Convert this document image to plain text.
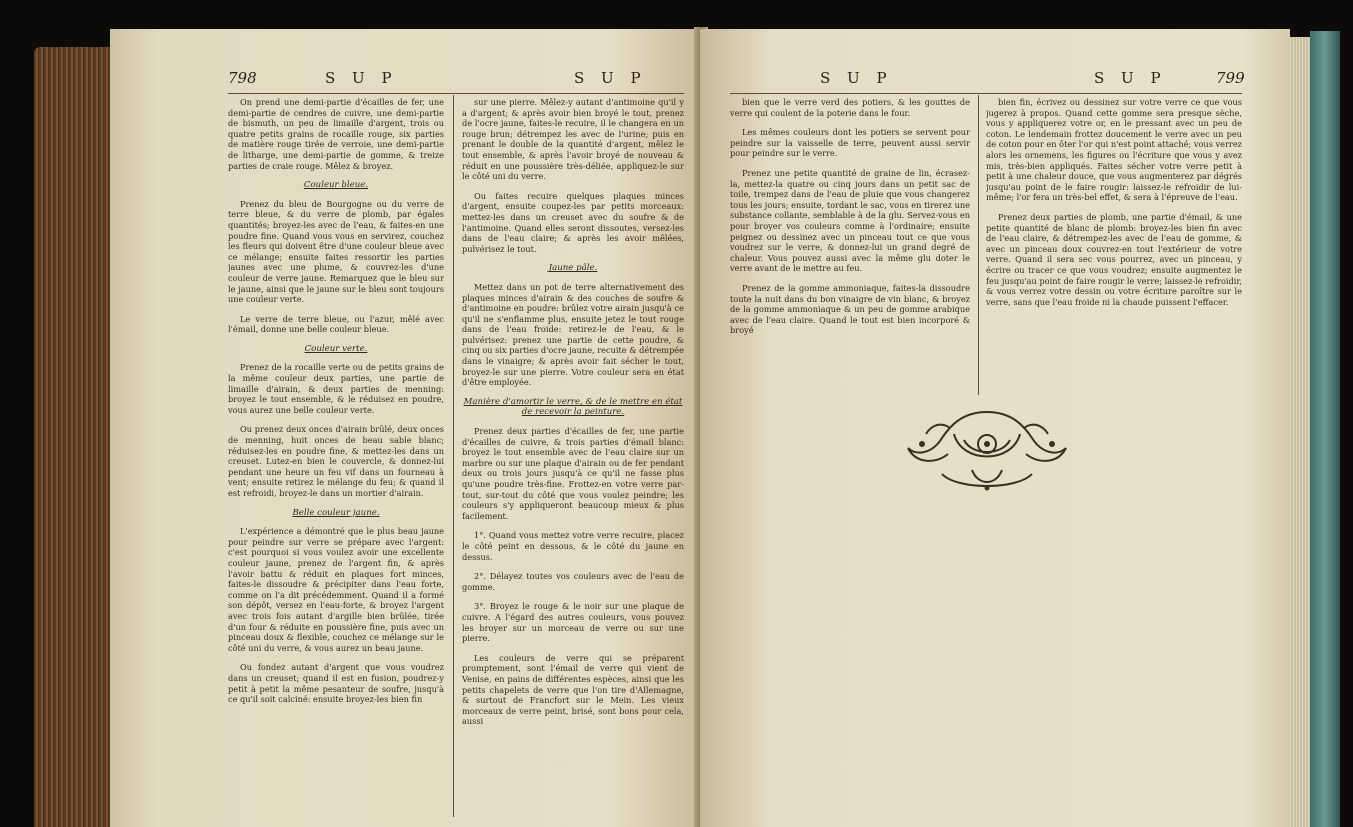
798	S U P	S U P

On prend une demi-partie d'écailles de fer, une demi-partie de cendres de cuivre, une demi-partie de bismuth, un peu de limaille d'argent, trois ou quatre petits grains de rocaille rouge, six parties de matière rouge tirée de verroie, une demi-partie de litharge, une demi-partie de gomme, & treize parties de craie rouge. Mêlez & broyez.

Couleur bleue.

Prenez du bleu de Bourgogne ou du verre de terre bleue, & du verre de plomb, par égales quantités; broyez-les avec de l'eau, & faites-en une poudre fine. Quand vous vous en servirez, couchez les fleurs qui doivent être d'une couleur bleue avec ce mélange; ensuite faites ressortir les parties jaunes avec une plume, & couvrez-les d'une couleur de verre jaune. Remarquez que le bleu sur le jaune, ainsi que le jaune sur le bleu sont toujours une couleur verte.

Le verre de terre bleue, ou l'azur, mêlé avec l'émail, donne une belle couleur bleue.

Couleur verte.

Prenez de la rocaille verte ou de petits grains de la même couleur deux parties, une partie de limaille d'airain, & deux parties de menning: broyez le tout ensemble, & le réduisez en poudre, vous aurez une belle couleur verte.

Ou prenez deux onces d'airain brûlé, deux onces de menning, huit onces de beau sable blanc; réduisez-les en poudre fine, & mettez-les dans un creuset. Lutez-en bien le couvercle, & donnez-lui pendant une heure un feu vif dans un fourneau à vent; ensuite retirez le mélange du feu; & quand il est refroidi, broyez-le dans un mortier d'airain.

Belle couleur jaune.

L'expérience a démontré que le plus beau jaune pour peindre sur verre se prépare avec l'argent: c'est pourquoi si vous voulez avoir une excellente couleur jaune, prenez de l'argent fin, & après l'avoir battu & réduit en plaques fort minces, faites-le dissoudre & précipiter dans l'eau forte, comme on l'a dit précédemment. Quand il a formé son dépôt, versez en l'eau-forte, & broyez l'argent avec trois fois autant d'argille bien brûlée, tirée d'un four & réduite en poussière fine, puis avec un pinceau doux & flexible, couchez ce mélange sur le côté uni du verre, & vous aurez un beau jaune.

Ou fondez autant d'argent que vous voudrez dans un creuset; quand il est en fusion, poudrez-y petit à petit la même pesanteur de soufre, jusqu'à ce qu'il soit calciné: ensuite broyez-les bien fin

sur une pierre. Mêlez-y autant d'antimoine qu'il y a d'argent; & après avoir bien broyé le tout, prenez de l'ocre jaune, faites-le recuire, il le changera en un rouge brun; détrempez les avec de l'urine; puis en prenant le double de la quantité d'argent, mêlez le tout ensemble, & après l'avoir broyé de nouveau & réduit en une poussière très-déliée, appliquez-le sur le côté uni du verre.

Ou faites recuire quelques plaques minces d'argent, ensuite coupez-les par petits morceaux: mettez-les dans un creuset avec du soufre & de l'antimoine. Quand elles seront dissoutes, versez-les dans de l'eau claire; & après les avoir mêlées, pulvérisez le tout.

Jaune pâle.

Mettez dans un pot de terre alternativement des plaques minces d'airain & des couches de soufre & d'antimoine en poudre: brûlez votre airain jusqu'à ce qu'il ne s'enflamme plus, ensuite jetez le tout rouge dans de l'eau froide: retirez-le de l'eau, & le pulvérisez: prenez une partie de cette poudre, & cinq ou six parties d'ocre jaune, recuite & détrempée dans le vinaigre; & après avoir fait sécher le tout, broyez-le sur une pierre. Votre couleur sera en état d'être employée.

Manière d'amortir le verre, & de le mettre en état de recevoir la peinture.

Prenez deux parties d'écailles de fer, une partie d'écailles de cuivre, & trois parties d'émail blanc: broyez le tout ensemble avec de l'eau claire sur un marbre ou sur une plaque d'airain ou de fer pendant deux ou trois jours jusqu'à ce qu'il ne fasse plus qu'une poudre très-fine. Frottez-en votre verre par-tout, sur-tout du côté que vous voulez peindre; les couleurs s'y appliqueront beaucoup mieux & plus facilement.

1°. Quand vous mettez votre verre recuire, placez le côté peint en dessous, & le côté du jaune en dessus.

2°. Délayez toutes vos couleurs avec de l'eau de gomme.

3°. Broyez le rouge & le noir sur une plaque de cuivre. A l'égard des autres couleurs, vous pouvez les broyer sur un morceau de verre ou sur une pierre.

Les couleurs de verre qui se préparent promptement, sont l'émail de verre qui vient de Venise, en pains de différentes espèces, ainsi que les petits chapelets de verre que l'on tire d'Allemagne, & surtout de Francfort sur le Mein. Les vieux morceaux de verre peint, brisé, sont bons pour cela, aussi

S U P	S U P	799

bien que le verre verd des potiers, & les gouttes de verre qui coulent de la poterie dans le four.

Les mêmes couleurs dont les potiers se servent pour peindre sur la vaisselle de terre, peuvent aussi servir pour peindre sur le verre.

Prenez une petite quantité de graine de lin, écrasez-la, mettez-la quatre ou cinq jours dans un petit sac de toile, trempez dans de l'eau de pluie que vous changerez tous les jours; ensuite, tordant le sac, vous en tirerez une substance collante, semblable à de la glu. Servez-vous en pour broyer vos couleurs comme à l'ordinaire; ensuite peignez ou dessinez avec un pinceau tout ce que vous voudrez sur le verre, & donnez-lui un grand degré de chaleur. Vous pouvez aussi avec la même glu doter le verre avant de le mettre au feu.

Prenez de la gomme ammoniaque, faites-la dissoudre toute la nuit dans du bon vinaigre de vin blanc, & broyez de la gomme ammoniaque & un peu de gomme arabique avec de l'eau claire. Quand le tout est bien incorporé & broyé

bien fin, écrivez ou dessinez sur votre verre ce que vous jugerez à propos. Quand cette gomme sera presque sèche, vous y appliquerez votre or, en le pressant avec un peu de coton. Le lendemain frottez doucement le verre avec un peu de coton pour en ôter l'or qui n'est point attaché; vous verrez alors les ornemens, les figures ou l'écriture que vous y avez mis, très-bien appliqués. Faites sécher votre verre petit à petit à une chaleur douce, que vous augmenterez par dégrés jusqu'au point de le faire rougir: laissez-le refroidir de lui-même; l'or fera un très-bel effet, & sera à l'épreuve de l'eau.

Prenez deux parties de plomb, une partie d'émail, & une petite quantité de blanc de plomb: broyez-les bien fin avec de l'eau claire, & détrempez-les avec de l'eau de gomme, & avec un pinceau doux couvrez-en tout l'extérieur de votre verre. Quand il sera sec vous pourrez, avec un pinceau, y écrire ou tracer ce que vous voudrez; ensuite augmentez le feu jusqu'au point de faire rougir le verre; laissez-le refroidir, & vous verrez votre dessin ou votre écriture paroître sur le verre, sans que l'eau froide ni la chaude puissent l'effacer.
